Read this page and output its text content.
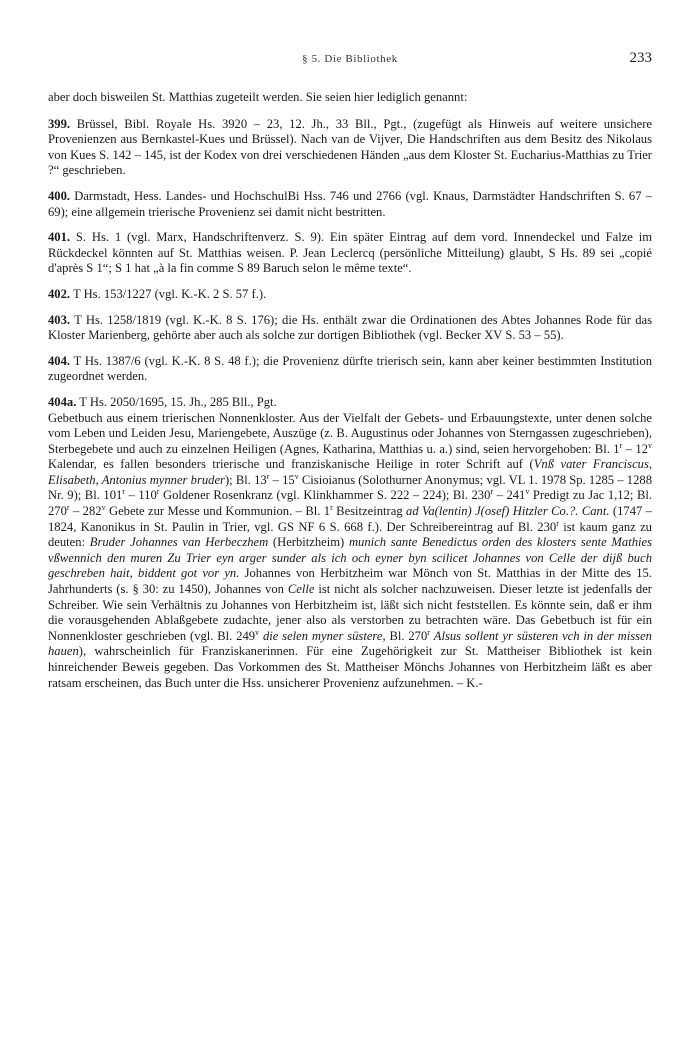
§ 5. Die Bibliothek	233

aber doch bisweilen St. Matthias zugeteilt werden. Sie seien hier lediglich genannt:

399. Brüssel, Bibl. Royale Hs. 3920 – 23, 12. Jh., 33 Bll., Pgt., (zugefügt als Hinweis auf weitere unsichere Provenienzen aus Bernkastel-Kues und Brüssel). Nach van de Vijver, Die Handschriften aus dem Besitz des Nikolaus von Kues S. 142 – 145, ist der Kodex von drei verschiedenen Händen „aus dem Kloster St. Eucharius-Matthias zu Trier ?“ geschrieben.

400. Darmstadt, Hess. Landes- und HochschulBi Hss. 746 und 2766 (vgl. Knaus, Darmstädter Handschriften S. 67 – 69); eine allgemein trierische Provenienz sei damit nicht bestritten.

401. S. Hs. 1 (vgl. Marx, Handschriftenverz. S. 9). Ein später Eintrag auf dem vord. Innendeckel und Falze im Rückdeckel könnten auf St. Matthias weisen. P. Jean Leclercq (persönliche Mitteilung) glaubt, S Hs. 89 sei „copié d'après S 1“; S 1 hat „à la fin comme S 89 Baruch selon le même texte“.

402. T Hs. 153/1227 (vgl. K.-K. 2 S. 57 f.).

403. T Hs. 1258/1819 (vgl. K.-K. 8 S. 176); die Hs. enthält zwar die Ordinationen des Abtes Johannes Rode für das Kloster Marienberg, gehörte aber auch als solche zur dortigen Bibliothek (vgl. Becker XV S. 53 – 55).

404. T Hs. 1387/6 (vgl. K.-K. 8 S. 48 f.); die Provenienz dürfte trierisch sein, kann aber keiner bestimmten Institution zugeordnet werden.

404a. T Hs. 2050/1695, 15. Jh., 285 Bll., Pgt.
Gebetbuch aus einem trierischen Nonnenkloster. Aus der Vielfalt der Gebets- und Erbauungstexte, unter denen solche vom Leben und Leiden Jesu, Mariengebete, Auszüge (z. B. Augustinus oder Johannes von Sterngassen zugeschrieben), Sterbegebete und auch zu einzelnen Heiligen (Agnes, Katharina, Matthias u. a.) sind, seien hervorgehoben: Bl. 1$^r$ – 12$^v$ Kalendar, es fallen besonders trierische und franziskanische Heilige in roter Schrift auf (Vnß vater Franciscus, Elisabeth, Antonius mynner bruder); Bl. 13$^r$ – 15$^v$ Cisioianus (Solothurner Anonymus; vgl. VL 1. 1978 Sp. 1285 – 1288 Nr. 9); Bl. 101$^r$ – 110$^r$ Goldener Rosenkranz (vgl. Klinkhammer S. 222 – 224); Bl. 230$^r$ – 241$^v$ Predigt zu Jac 1,12; Bl. 270$^r$ – 282$^v$ Gebete zur Messe und Kommunion. – Bl. 1$^r$ Besitzeintrag ad Va(lentin) J(osef) Hitzler Co.?. Cant. (1747 – 1824, Kanonikus in St. Paulin in Trier, vgl. GS NF 6 S. 668 f.). Der Schreibereintrag auf Bl. 230$^r$ ist kaum ganz zu deuten: Bruder Johannes van Herbeczhem (Herbitzheim) munich sante Benedictus orden des klosters sente Mathies vßwennich den muren Zu Trier eyn arger sunder als ich och eyner byn scilicet Johannes von Celle der dijß buch geschreben hait, biddent got vor yn. Johannes von Herbitzheim war Mönch von St. Matthias in der Mitte des 15. Jahrhunderts (s. § 30: zu 1450), Johannes von Celle ist nicht als solcher nachzuweisen. Dieser letzte ist jedenfalls der Schreiber. Wie sein Verhältnis zu Johannes von Herbitzheim ist, läßt sich nicht feststellen. Es könnte sein, daß er ihm die vorausgehenden Ablaßgebete zudachte, jener also als verstorben zu betrachten wäre. Das Gebetbuch ist für ein Nonnenkloster geschrieben (vgl. Bl. 249$^v$ die selen myner süstere, Bl. 270$^r$ Alsus sollent yr süsteren vch in der missen hauen), wahrscheinlich für Franziskanerinnen. Für eine Zugehörigkeit zur St. Mattheiser Bibliothek ist kein hinreichender Beweis gegeben. Das Vorkommen des St. Mattheiser Mönchs Johannes von Herbitzheim läßt es aber ratsam erscheinen, das Buch unter die Hss. unsicherer Provenienz aufzunehmen. – K.-
